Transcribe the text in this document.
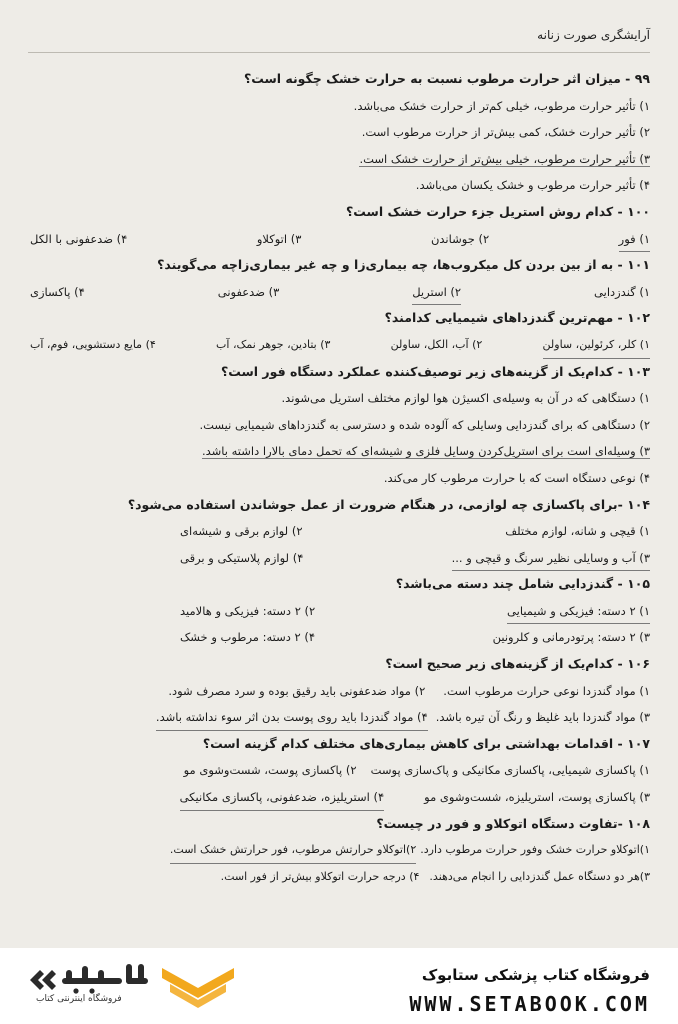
آرایشگری صورت زنانه
۹۹ - میزان اثر حرارت مرطوب نسبت به حرارت خشک چگونه است؟
۱) تأثیر حرارت مرطوب، خیلی کم‌تر از حرارت خشک می‌باشد.
۲) تأثیر حرارت خشک، کمی بیش‌تر از حرارت مرطوب است.
۳) تأثیر حرارت مرطوب، خیلی بیش‌تر از حرارت خشک است.
۴) تأثیر حرارت مرطوب و خشک یکسان می‌باشد.
۱۰۰ - کدام روش استریل جزء حرارت خشک است؟
۱) فور
۲) جوشاندن
۳) اتوکلاو
۴) ضدعفونی با الکل
۱۰۱ - به از بین بردن کل میکروب‌ها، چه بیماری‌زا و چه غیر بیماری‌زا‌چه می‌گویند؟
۱) گندزدایی
۲) استریل
۳) ضدعفونی
۴) پاکسازی
۱۰۲ - مهم‌ترین گندزداهای شیمیایی کدامند؟
۱) کلر، کرئولین، ساولن
۲) آب، الکل، ساولن
۳) بتادین، جوهر نمک، آب
۴) مایع دستشویی، فوم، آب
۱۰۳ - کدام‌یک از گزینه‌های زیر توصیف‌کننده عملکرد دستگاه فور است؟
۱) دستگاهی که در آن به وسیله‌ی اکسیژن هوا لوازم مختلف استریل می‌شوند.
۲) دستگاهی که برای گندزدایی وسایلی که آلوده شده و دسترسی به گندزداهای شیمیایی نیست.
۳) وسیله‌ای است برای استریل‌کردن وسایل فلزی و شیشه‌ای که تحمل دمای بالارا داشته باشد.
۴) نوعی دستگاه است که با حرارت مرطوب کار می‌کند.
۱۰۴ -برای پاکسازی چه لوازمی، در هنگام ضرورت از عمل جوشاندن استفاده می‌شود؟
۱) قیچی و شانه، لوازم مختلف
۲) لوازم برقی و شیشه‌ای
۳) آب و وسایلی نظیر سرنگ و قیچی و ...
۴) لوازم پلاستیکی و برقی
۱۰۵ - گندزدایی شامل چند دسته می‌باشد؟
۱) ۲ دسته: فیزیکی و شیمیایی
۲) ۲ دسته: فیزیکی و هالامید
۳) ۲ دسته: پرتودرمانی و کلرونین
۴) ۲ دسته: مرطوب و خشک
۱۰۶ - کدام‌یک از گزینه‌های زیر صحیح است؟
۱) مواد گندزدا نوعی حرارت مرطوب است.
۲) مواد ضدعفونی باید رقیق بوده و سرد مصرف شود.
۳) مواد گندزدا باید غلیظ و رنگ آن تیره باشد.
۴) مواد گندزدا باید روی پوست بدن اثر سوء نداشته باشد.
۱۰۷ - اقدامات بهداشتی برای کاهش بیماری‌های مختلف کدام گزینه است؟
۱) پاکسازی شیمیایی، پاکسازی مکانیکی و پاک‌سازی پوست
۲) پاکسازی پوست، شست‌وشوی مو
۳) پاکسازی پوست، استریلیزه، شست‌وشوی مو
۴) استریلیزه، ضدعفونی، پاکسازی مکانیکی
۱۰۸ -تفاوت دستگاه اتوکلاو و فور در چیست؟
۱)اتوکلاو حرارت خشک وفور حرارت مرطوب دارد.
۲)اتوکلاو حرارتش مرطوب، فور حرارتش خشک است.
۳)هر دو دستگاه عمل گندزدایی را انجام می‌دهند.
۴) درجه حرارت اتوکلاو بیش‌تر از فور است.
فروشگاه اینترنتی کتاب
فروشگاه کتاب پزشکی ستابوک
WWW.SETABOOK.COM
